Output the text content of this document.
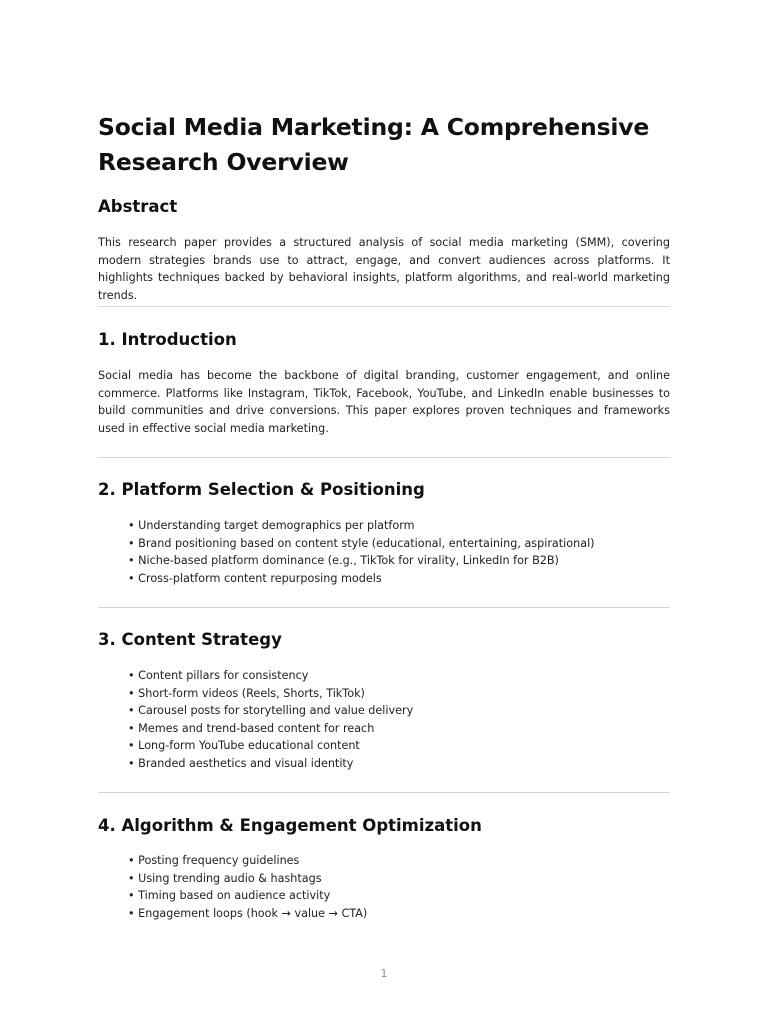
Social Media Marketing: A Comprehensive Research Overview
Abstract

This research paper provides a structured analysis of social media marketing (SMM), covering modern strategies brands use to attract, engage, and convert audiences across platforms. It highlights techniques backed by behavioral insights, platform algorithms, and real-world marketing trends.

1. Introduction

Social media has become the backbone of digital branding, customer engagement, and online commerce. Platforms like Instagram, TikTok, Facebook, YouTube, and LinkedIn enable businesses to build communities and drive conversions. This paper explores proven techniques and frameworks used in effective social media marketing.

2. Platform Selection & Positioning
• Understanding target demographics per platform
• Brand positioning based on content style (educational, entertaining, aspirational)
• Niche-based platform dominance (e.g., TikTok for virality, LinkedIn for B2B)
• Cross-platform content repurposing models
3. Content Strategy
• Content pillars for consistency
• Short-form videos (Reels, Shorts, TikTok)
• Carousel posts for storytelling and value delivery
• Memes and trend-based content for reach
• Long-form YouTube educational content
• Branded aesthetics and visual identity
4. Algorithm & Engagement Optimization
• Posting frequency guidelines
• Using trending audio & hashtags
• Timing based on audience activity
• Engagement loops (hook → value → CTA)
1
